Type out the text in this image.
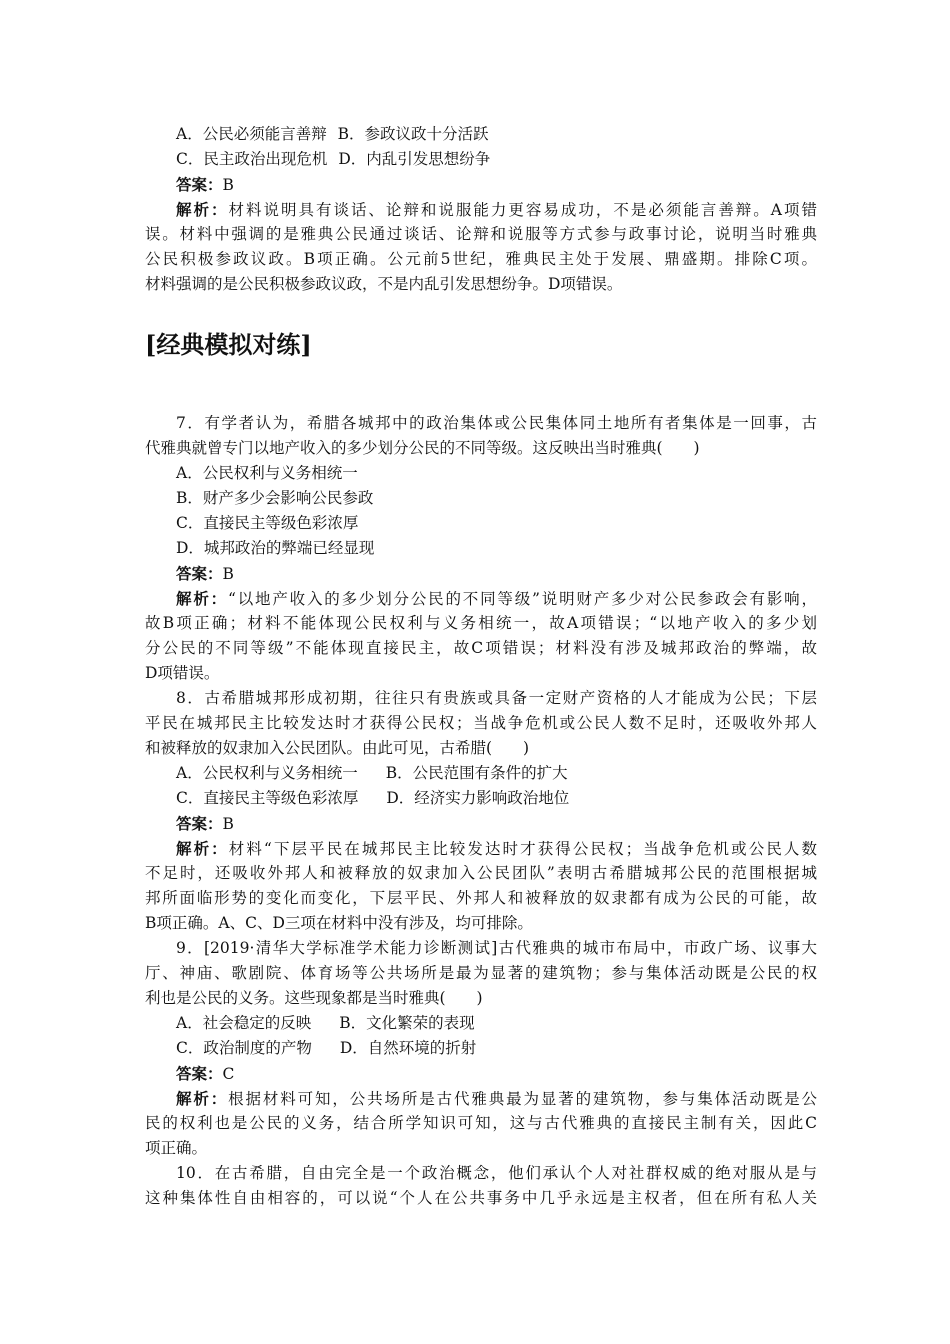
A．公民必须能言善辩 B．参政议政十分活跃
C．民主政治出现危机 D．内乱引发思想纷争
答案：B
解析：材料说明具有谈话、论辩和说服能力更容易成功，不是必须能言善辩。A项错
误。材料中强调的是雅典公民通过谈话、论辩和说服等方式参与政事讨论，说明当时雅典
公民积极参政议政。B项正确。公元前5世纪，雅典民主处于发展、鼎盛期。排除C项。
材料强调的是公民积极参政议政，不是内乱引发思想纷争。D项错误。
[经典模拟对练]
7．有学者认为，希腊各城邦中的政治集体或公民集体同土地所有者集体是一回事，古
代雅典就曾专门以地产收入的多少划分公民的不同等级。这反映出当时雅典(　　)
A．公民权利与义务相统一
B．财产多少会影响公民参政
C．直接民主等级色彩浓厚
D．城邦政治的弊端已经显现
答案：B
解析：“以地产收入的多少划分公民的不同等级”说明财产多少对公民参政会有影响，
故B项正确；材料不能体现公民权利与义务相统一，故A项错误；“以地产收入的多少划
分公民的不同等级”不能体现直接民主，故C项错误；材料没有涉及城邦政治的弊端，故
D项错误。
8．古希腊城邦形成初期，往往只有贵族或具备一定财产资格的人才能成为公民；下层
平民在城邦民主比较发达时才获得公民权；当战争危机或公民人数不足时，还吸收外邦人
和被释放的奴隶加入公民团队。由此可见，古希腊(　　)
A．公民权利与义务相统一 B．公民范围有条件的扩大
C．直接民主等级色彩浓厚 D．经济实力影响政治地位
答案：B
解析：材料“下层平民在城邦民主比较发达时才获得公民权；当战争危机或公民人数
不足时，还吸收外邦人和被释放的奴隶加入公民团队”表明古希腊城邦公民的范围根据城
邦所面临形势的变化而变化，下层平民、外邦人和被释放的奴隶都有成为公民的可能，故
B项正确。A、C、D三项在材料中没有涉及，均可排除。
9．[2019·清华大学标准学术能力诊断测试]古代雅典的城市布局中，市政广场、议事大
厅、神庙、歌剧院、体育场等公共场所是最为显著的建筑物；参与集体活动既是公民的权
利也是公民的义务。这些现象都是当时雅典(　　)
A．社会稳定的反映 B．文化繁荣的表现
C．政治制度的产物 D．自然环境的折射
答案：C
解析：根据材料可知，公共场所是古代雅典最为显著的建筑物，参与集体活动既是公
民的权利也是公民的义务，结合所学知识可知，这与古代雅典的直接民主制有关，因此C
项正确。
10．在古希腊，自由完全是一个政治概念，他们承认个人对社群权威的绝对服从是与
这种集体性自由相容的，可以说“个人在公共事务中几乎永远是主权者，但在所有私人关
